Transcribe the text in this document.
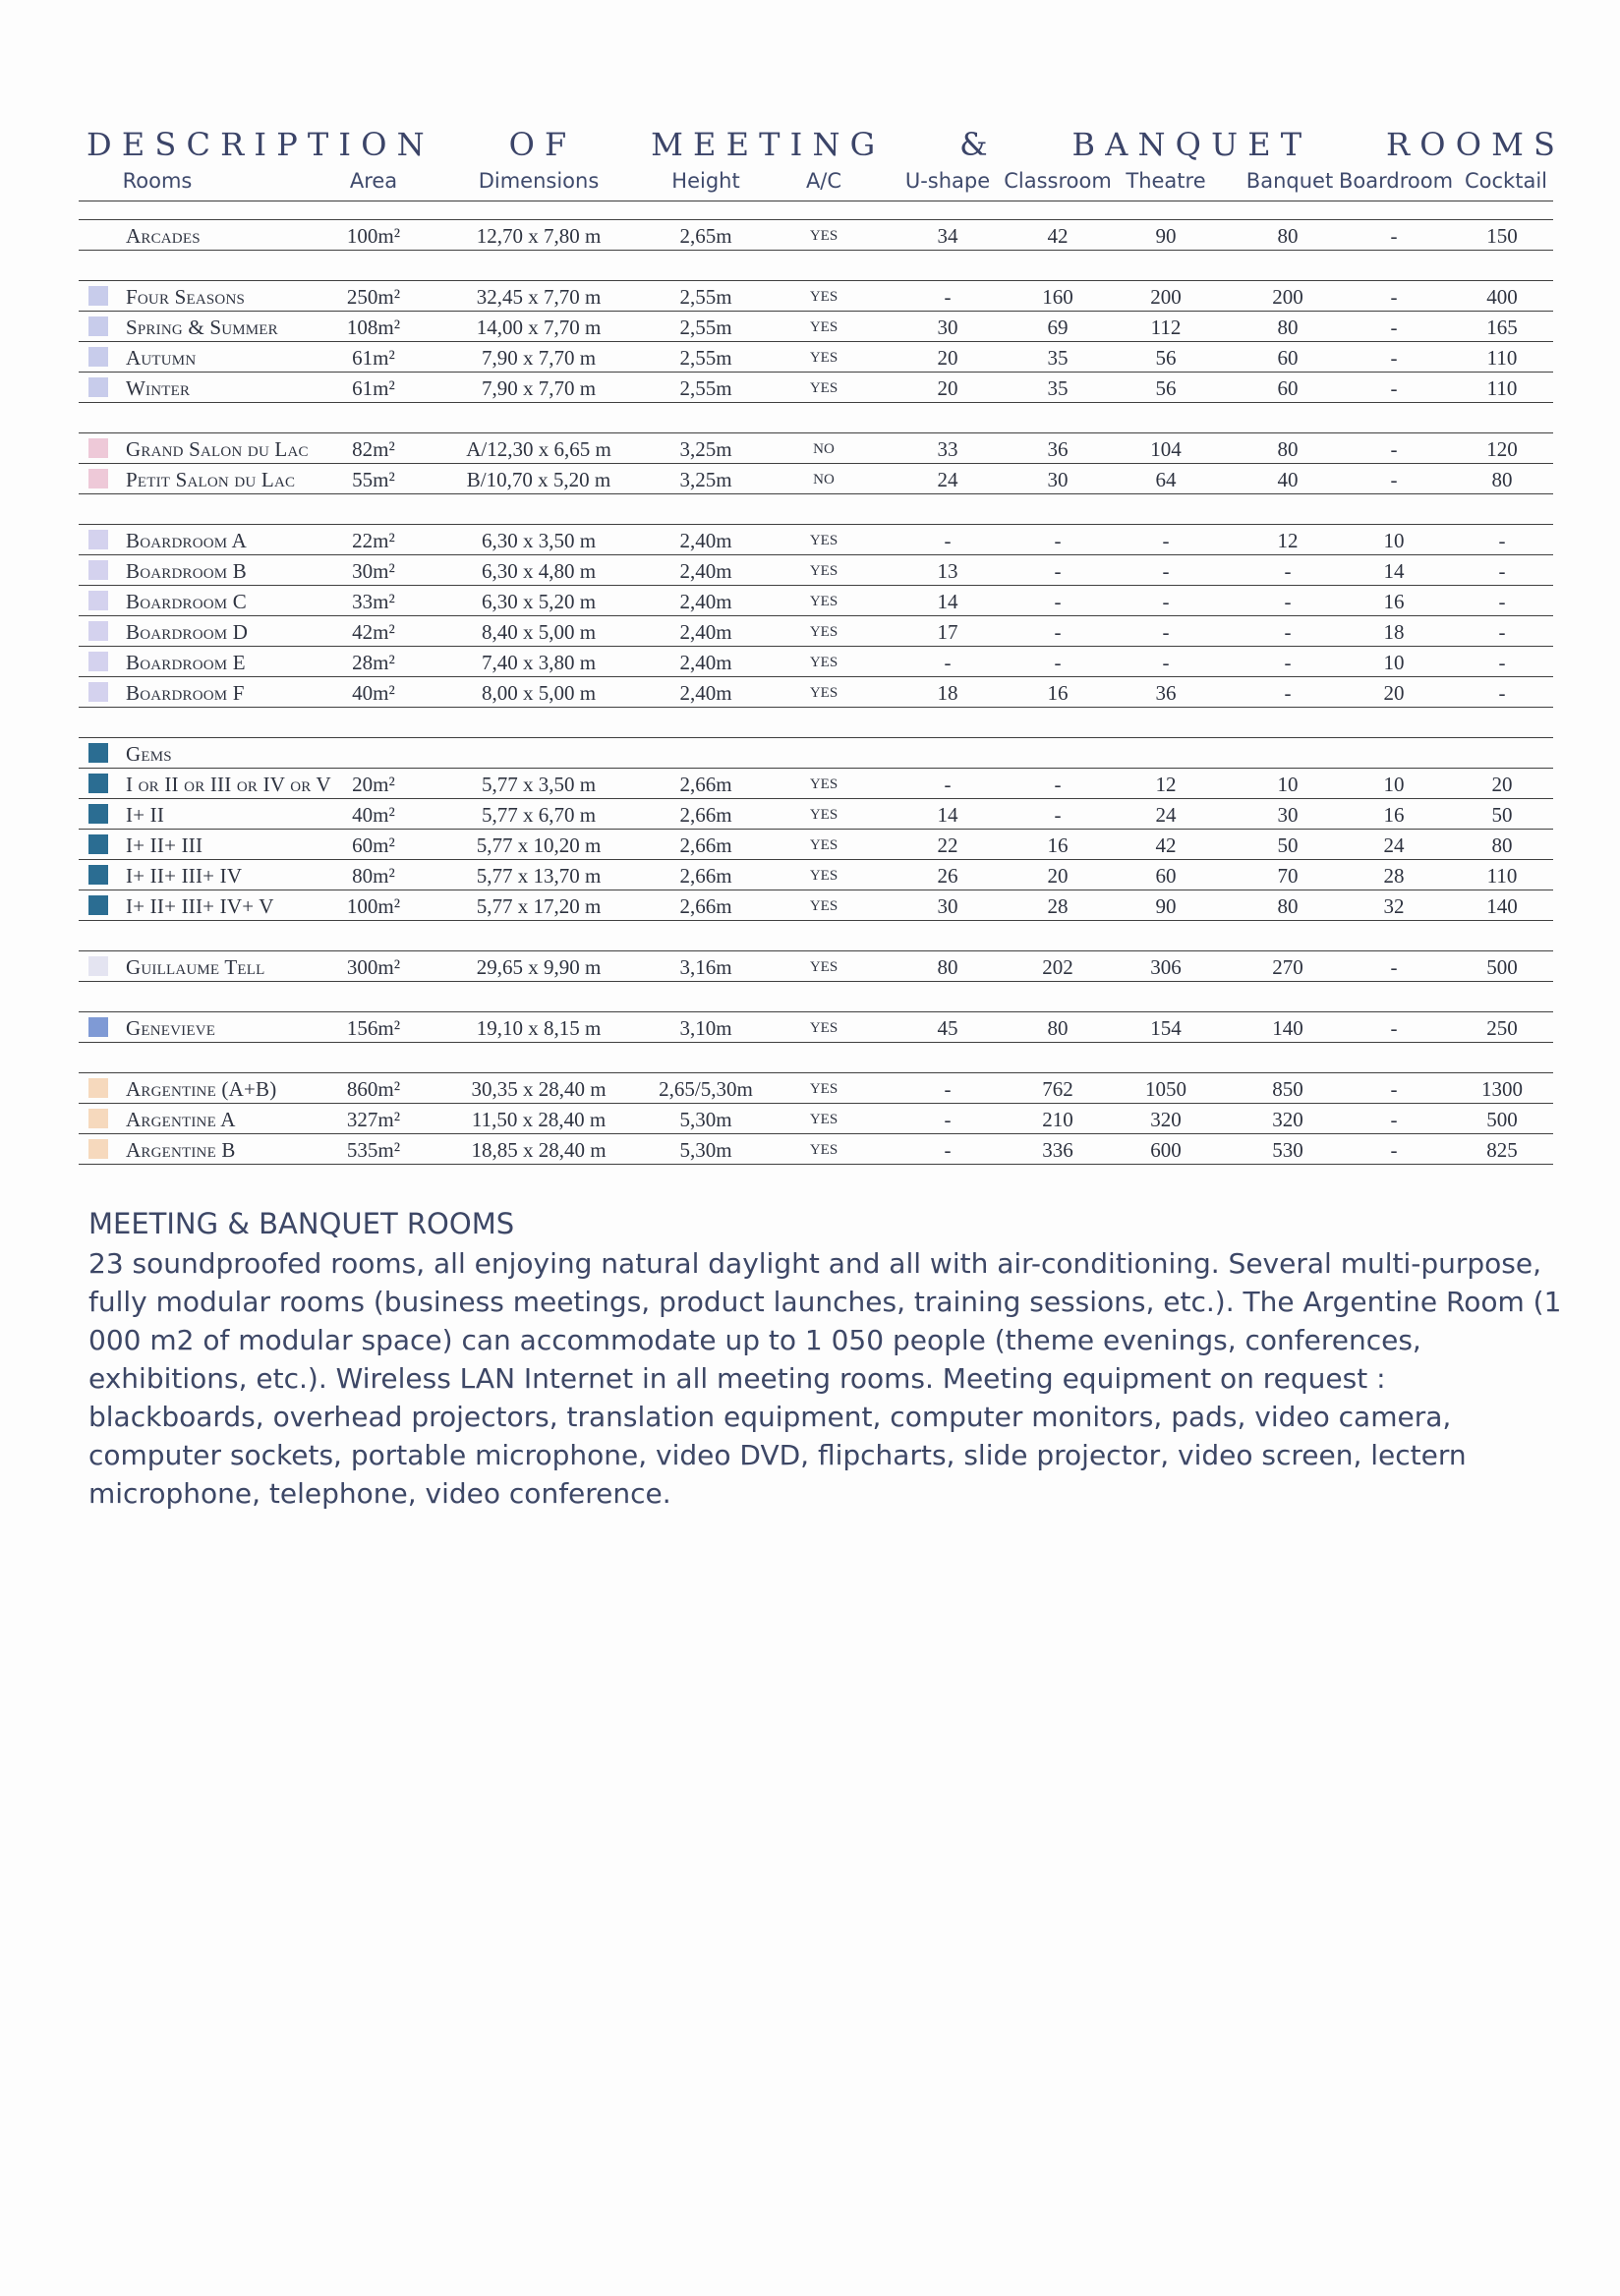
D E S C R I P T I O N	O F	M E E T I N G	&	B A N Q U E T	R O O M S
Rooms	Area	Dimensions	Height	A/C	U-shape Classroom Theatre Banquet Boardroom Cocktail
Arcades	100m²	12,70 x 7,80 m	2,65m	YES	34	42	90	80	-	150
Four Seasons	250m²	32,45 x 7,70 m	2,55m	YES	-	160	200	200	-	400
Spring & Summer	108m²	14,00 x 7,70 m	2,55m	YES	30	69	112	80	-	165
Autumn	61m²	7,90 x 7,70 m	2,55m	YES	20	35	56	60	-	110
Winter	61m²	7,90 x 7,70 m	2,55m	YES	20	35	56	60	-	110
Grand Salon du Lac 82m²	A/12,30 x 6,65 m	3,25m	NO	33	36	104	80	-	120
Petit Salon du Lac	55m²	B/10,70 x 5,20 m	3,25m	NO	24	30	64	40	-	80
Boardroom A	22m²	6,30 x 3,50 m	2,40m	YES	-	-	-	12	10	-
Boardroom B	30m²	6,30 x 4,80 m	2,40m	YES	13	-	-	-	14	-
Boardroom C	33m²	6,30 x 5,20 m	2,40m	YES	14	-	-	-	16	-
Boardroom D	42m²	8,40 x 5,00 m	2,40m	YES	17	-	-	-	18	-
Boardroom E	28m²	7,40 x 3,80 m	2,40m	YES	-	-	-	-	10	-
Boardroom F	40m²	8,00 x 5,00 m	2,40m	YES	18	16	36	-	20	-
Gems
I or II or III or IV or V 20m²	5,77 x 3,50 m	2,66m	YES	-	-	12	10	10	20
I+ II	40m²	5,77 x 6,70 m	2,66m	YES	14	-	24	30	16	50
I+ II+ III	60m²	5,77 x 10,20 m	2,66m	YES	22	16	42	50	24	80
I+ II+ III+ IV	80m²	5,77 x 13,70 m	2,66m	YES	26	20	60	70	28	110
I+ II+ III+ IV+ V	100m²	5,77 x 17,20 m	2,66m	YES	30	28	90	80	32	140
Guillaume Tell	300m²	29,65 x 9,90 m	3,16m	YES	80	202	306	270	-	500
Genevieve	156m²	19,10 x 8,15 m	3,10m	YES	45	80	154	140	-	250
Argentine (A+B)	860m²	30,35 x 28,40 m	2,65/5,30m	YES	-	762	1050	850	-	1300
Argentine A	327m²	11,50 x 28,40 m	5,30m	YES	-	210	320	320	-	500
Argentine B	535m²	18,85 x 28,40 m	5,30m	YES	-	336	600	530	-	825

MEETING & BANQUET ROOMS

23 soundproofed rooms, all enjoying natural daylight and all with air-conditioning. Several multi-purpose, fully modular rooms (business meetings, product launches, training sessions, etc.). The Argentine Room (1 000 m2 of modular space) can accommodate up to 1 050 people (theme evenings, conferences, exhibitions, etc.). Wireless LAN Internet in all meeting rooms. Meeting equipment on request : blackboards, overhead projectors, translation equipment, computer monitors, pads, video camera, computer sockets, portable microphone, video DVD, flipcharts, slide projector, video screen, lectern microphone, telephone, video conference.
